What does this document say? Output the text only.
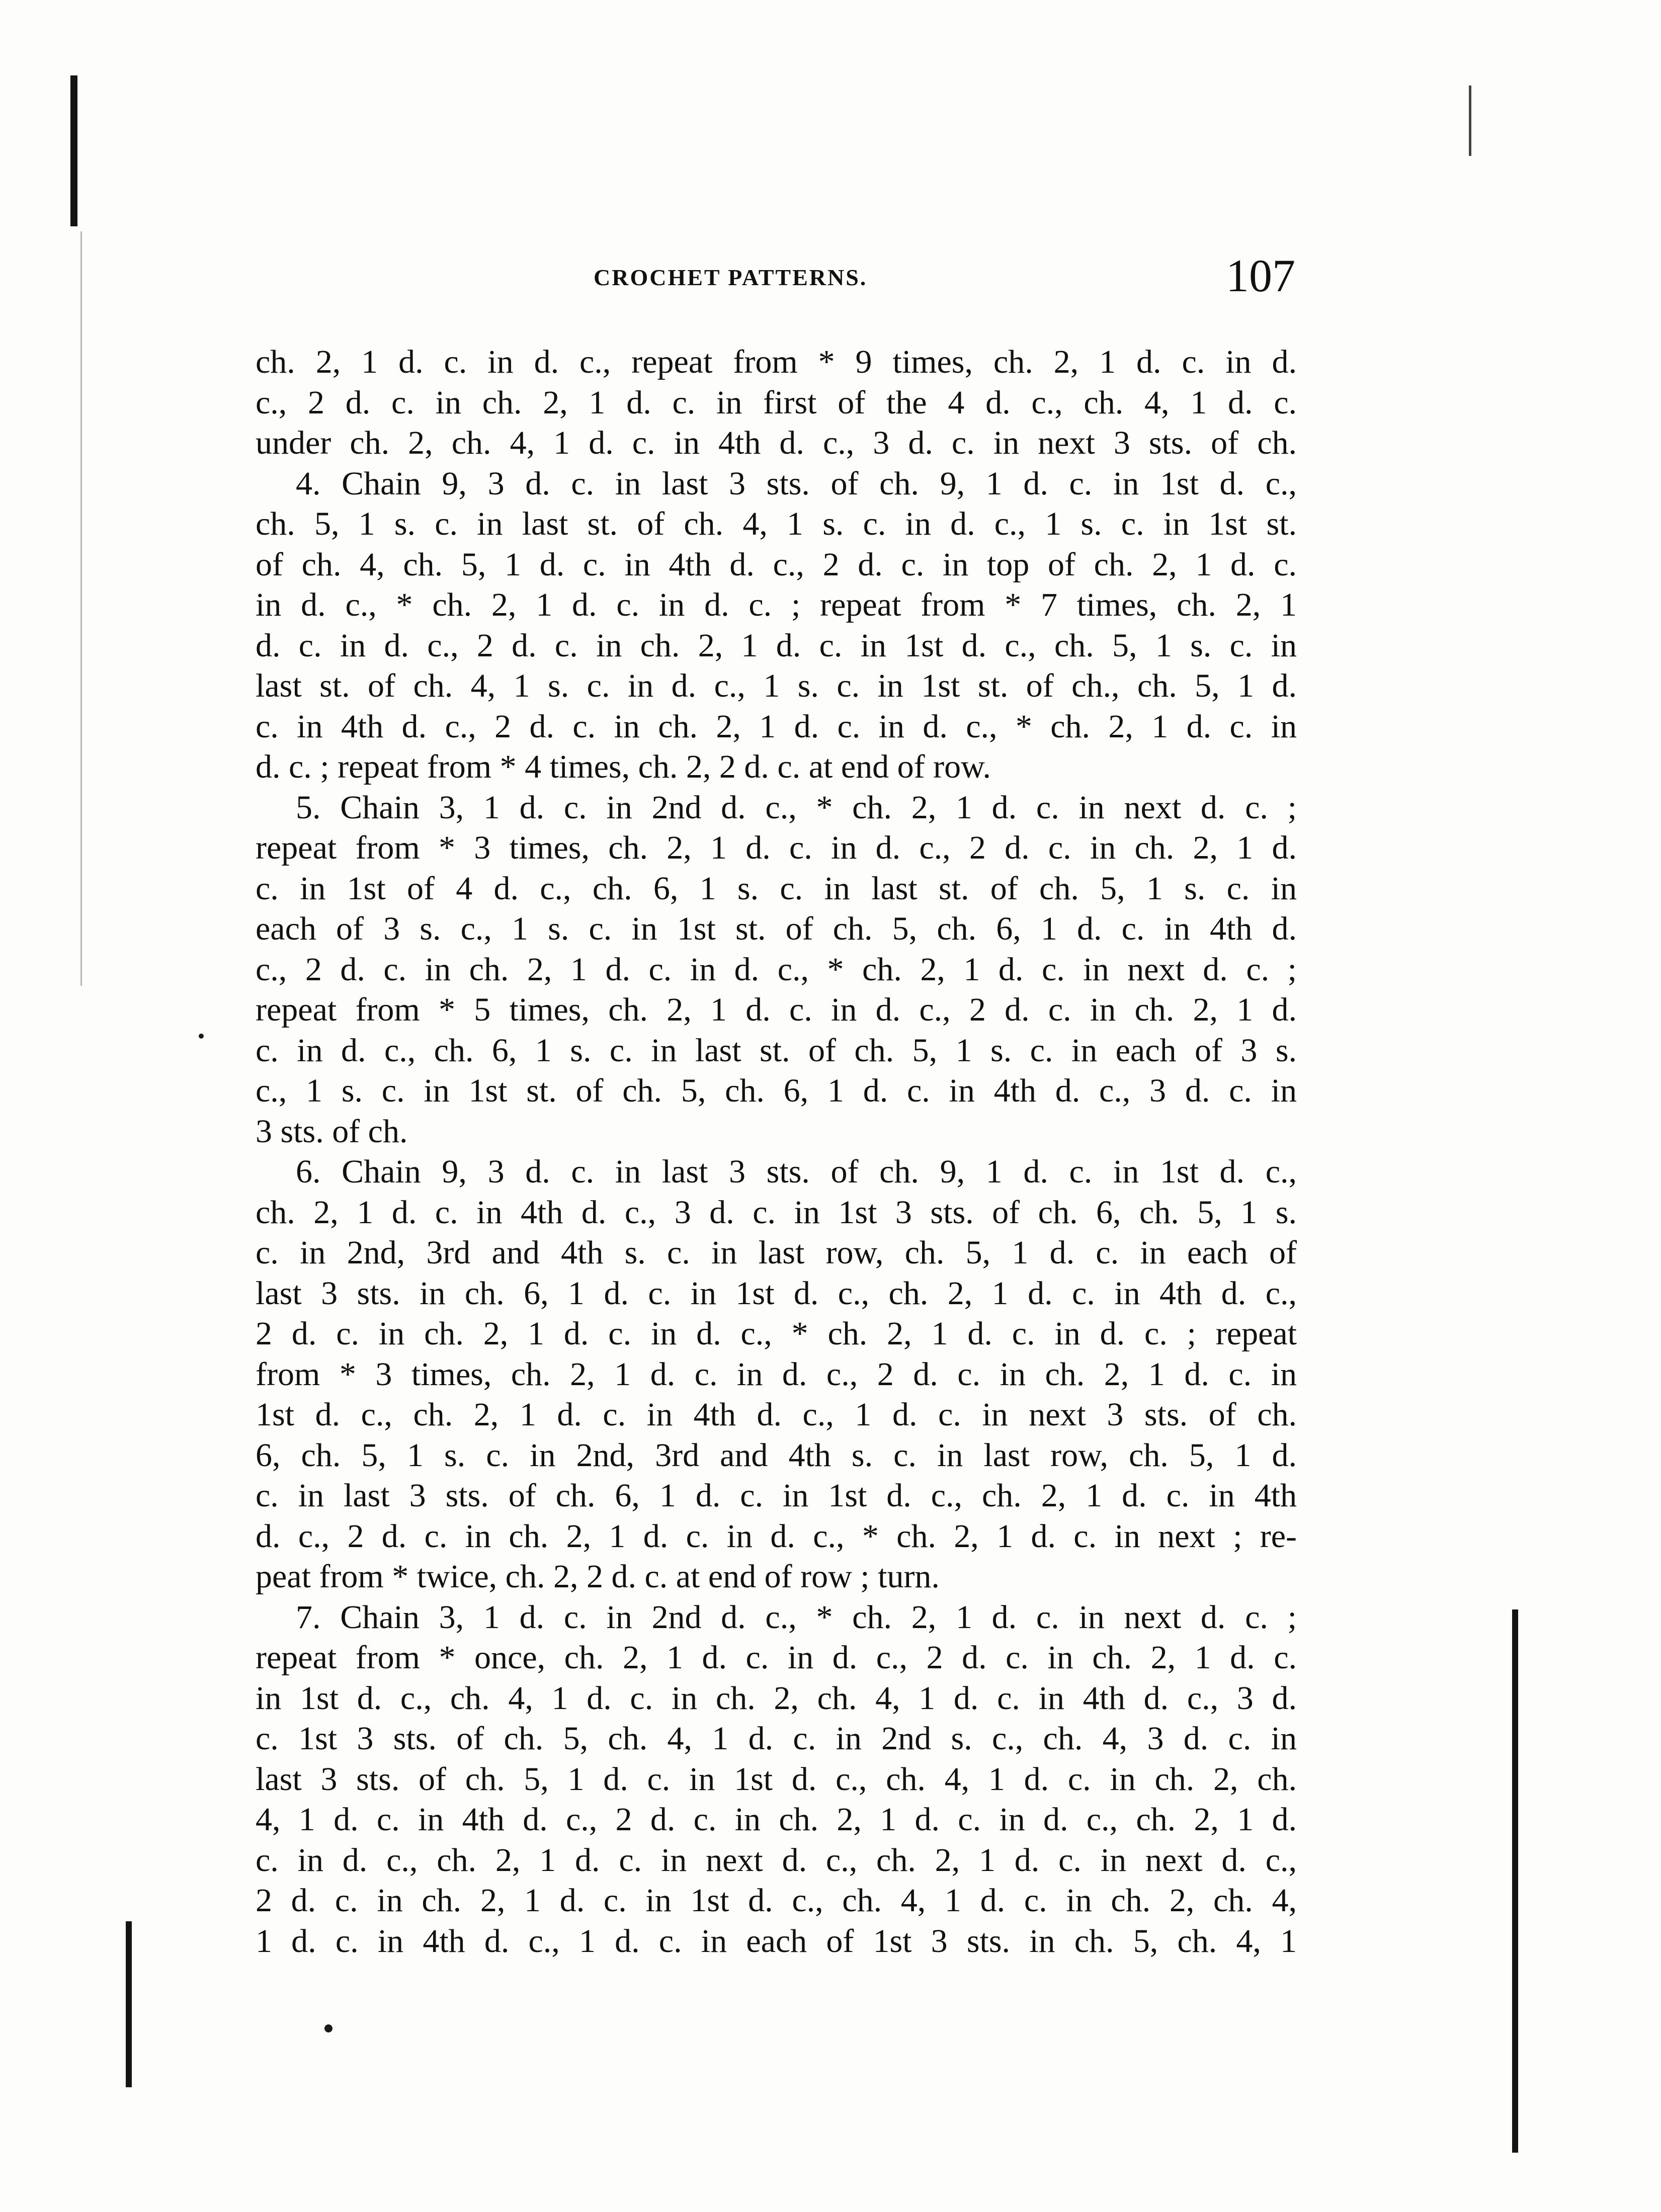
CROCHET PATTERNS.	107
ch. 2, 1 d. c. in d. c., repeat from * 9 times, ch. 2, 1 d. c. in d.
c., 2 d. c. in ch. 2, 1 d. c. in first of the 4 d. c., ch. 4, 1 d. c.
under ch. 2, ch. 4, 1 d. c. in 4th d. c., 3 d. c. in next 3 sts. of ch.
4. Chain 9, 3 d. c. in last 3 sts. of ch. 9, 1 d. c. in 1st d. c.,
ch. 5, 1 s. c. in last st. of ch. 4, 1 s. c. in d. c., 1 s. c. in 1st st.
of ch. 4, ch. 5, 1 d. c. in 4th d. c., 2 d. c. in top of ch. 2, 1 d. c.
in d. c., * ch. 2, 1 d. c. in d. c. ; repeat from * 7 times, ch. 2, 1
d. c. in d. c., 2 d. c. in ch. 2, 1 d. c. in 1st d. c., ch. 5, 1 s. c. in
last st. of ch. 4, 1 s. c. in d. c., 1 s. c. in 1st st. of ch., ch. 5, 1 d.
c. in 4th d. c., 2 d. c. in ch. 2, 1 d. c. in d. c., * ch. 2, 1 d. c. in
d. c. ; repeat from * 4 times, ch. 2, 2 d. c. at end of row.
5. Chain 3, 1 d. c. in 2nd d. c., * ch. 2, 1 d. c. in next d. c. ;
repeat from * 3 times, ch. 2, 1 d. c. in d. c., 2 d. c. in ch. 2, 1 d.
c. in 1st of 4 d. c., ch. 6, 1 s. c. in last st. of ch. 5, 1 s. c. in
each of 3 s. c., 1 s. c. in 1st st. of ch. 5, ch. 6, 1 d. c. in 4th d.
c., 2 d. c. in ch. 2, 1 d. c. in d. c., * ch. 2, 1 d. c. in next d. c. ;
repeat from * 5 times, ch. 2, 1 d. c. in d. c., 2 d. c. in ch. 2, 1 d.
c. in d. c., ch. 6, 1 s. c. in last st. of ch. 5, 1 s. c. in each of 3 s.
c., 1 s. c. in 1st st. of ch. 5, ch. 6, 1 d. c. in 4th d. c., 3 d. c. in
3 sts. of ch.
6. Chain 9, 3 d. c. in last 3 sts. of ch. 9, 1 d. c. in 1st d. c.,
ch. 2, 1 d. c. in 4th d. c., 3 d. c. in 1st 3 sts. of ch. 6, ch. 5, 1 s.
c. in 2nd, 3rd and 4th s. c. in last row, ch. 5, 1 d. c. in each of
last 3 sts. in ch. 6, 1 d. c. in 1st d. c., ch. 2, 1 d. c. in 4th d. c.,
2 d. c. in ch. 2, 1 d. c. in d. c., * ch. 2, 1 d. c. in d. c. ; repeat
from * 3 times, ch. 2, 1 d. c. in d. c., 2 d. c. in ch. 2, 1 d. c. in
1st d. c., ch. 2, 1 d. c. in 4th d. c., 1 d. c. in next 3 sts. of ch.
6, ch. 5, 1 s. c. in 2nd, 3rd and 4th s. c. in last row, ch. 5, 1 d.
c. in last 3 sts. of ch. 6, 1 d. c. in 1st d. c., ch. 2, 1 d. c. in 4th
d. c., 2 d. c. in ch. 2, 1 d. c. in d. c., * ch. 2, 1 d. c. in next ; re-
peat from * twice, ch. 2, 2 d. c. at end of row ; turn.
7. Chain 3, 1 d. c. in 2nd d. c., * ch. 2, 1 d. c. in next d. c. ;
repeat from * once, ch. 2, 1 d. c. in d. c., 2 d. c. in ch. 2, 1 d. c.
in 1st d. c., ch. 4, 1 d. c. in ch. 2, ch. 4, 1 d. c. in 4th d. c., 3 d.
c. 1st 3 sts. of ch. 5, ch. 4, 1 d. c. in 2nd s. c., ch. 4, 3 d. c. in
last 3 sts. of ch. 5, 1 d. c. in 1st d. c., ch. 4, 1 d. c. in ch. 2, ch.
4, 1 d. c. in 4th d. c., 2 d. c. in ch. 2, 1 d. c. in d. c., ch. 2, 1 d.
c. in d. c., ch. 2, 1 d. c. in next d. c., ch. 2, 1 d. c. in next d. c.,
2 d. c. in ch. 2, 1 d. c. in 1st d. c., ch. 4, 1 d. c. in ch. 2, ch. 4,
1 d. c. in 4th d. c., 1 d. c. in each of 1st 3 sts. in ch. 5, ch. 4, 1
